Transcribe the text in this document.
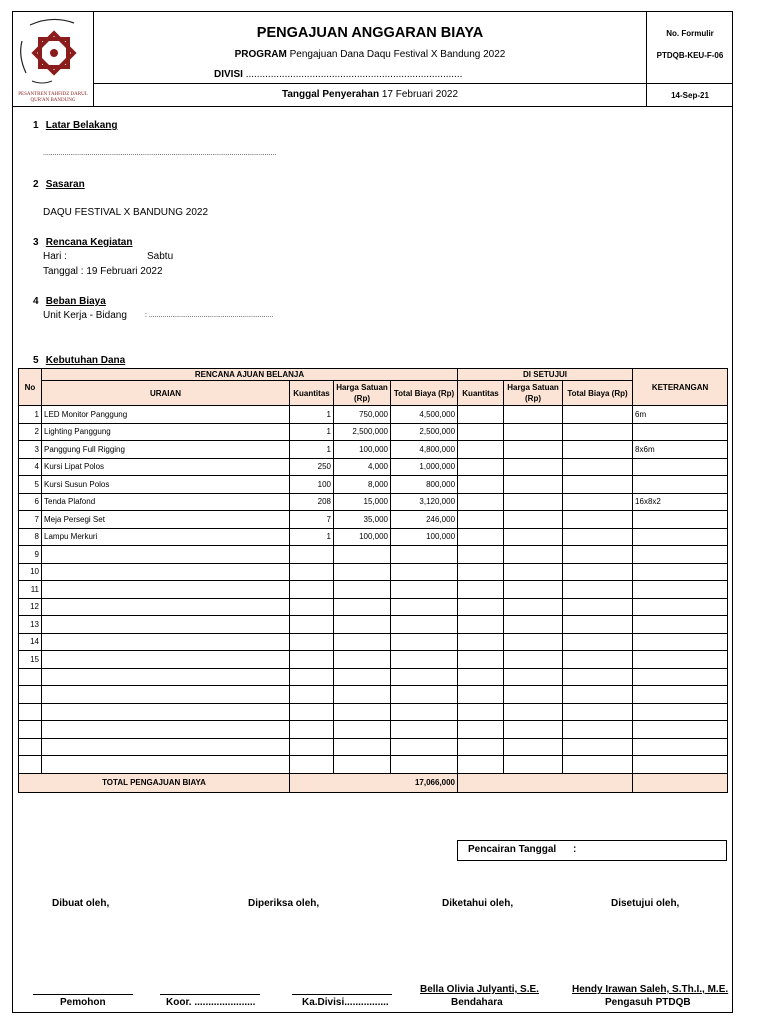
PESANTREN TAHFIDZ DARUL QUR'AN BANDUNG
PENGAJUAN ANGGARAN BIAYA
PROGRAM Pengajuan Dana Daqu Festival X Bandung 2022
DIVISI ..............................................................................
Tanggal Penyerahan 17 Februari 2022
No. Formulir
PTDQB-KEU-F-06
14-Sep-21
1 Latar Belakang
........................................................................................................................
2 Sasaran
DAQU FESTIVAL X BANDUNG 2022
3 Rencana Kegiatan
Hari :	Sabtu
Tanggal : 19 Februari 2022
4 Beban Biaya
Unit Kerja - Bidang	: ................................................................
5 Kebutuhan Dana
No	RENCANA AJUAN BELANJA				DI SETUJUI			KETERANGAN
	URAIAN	Kuantitas	Harga Satuan (Rp)	Total Biaya (Rp)	Kuantitas	Harga Satuan (Rp)	Total Biaya (Rp)	
1	LED Monitor Panggung	1	750,000	4,500,000				6m
2	Lighting Panggung	1	2,500,000	2,500,000				
3	Panggung Full Rigging	1	100,000	4,800,000				8x6m
4	Kursi Lipat Polos	250	4,000	1,000,000				
5	Kursi Susun Polos	100	8,000	800,000				
6	Tenda Plafond	208	15,000	3,120,000				16x8x2
7	Meja Persegi Set	7	35,000	246,000				
8	Lampu Merkuri	1	100,000	100,000				
9								
10								
11								
12								
13								
14								
15								

TOTAL PENGAJUAN BIAYA		17,066,000						
Pencairan Tanggal :
Dibuat oleh,	Diperiksa oleh,	Diketahui oleh,	Disetujui oleh,
Bella Olivia Julyanti, S.E.	Hendy Irawan Saleh, S.Th.I., M.E.
Pemohon	Koor. ......................	Ka.Divisi................	Bendahara	Pengasuh PTDQB
